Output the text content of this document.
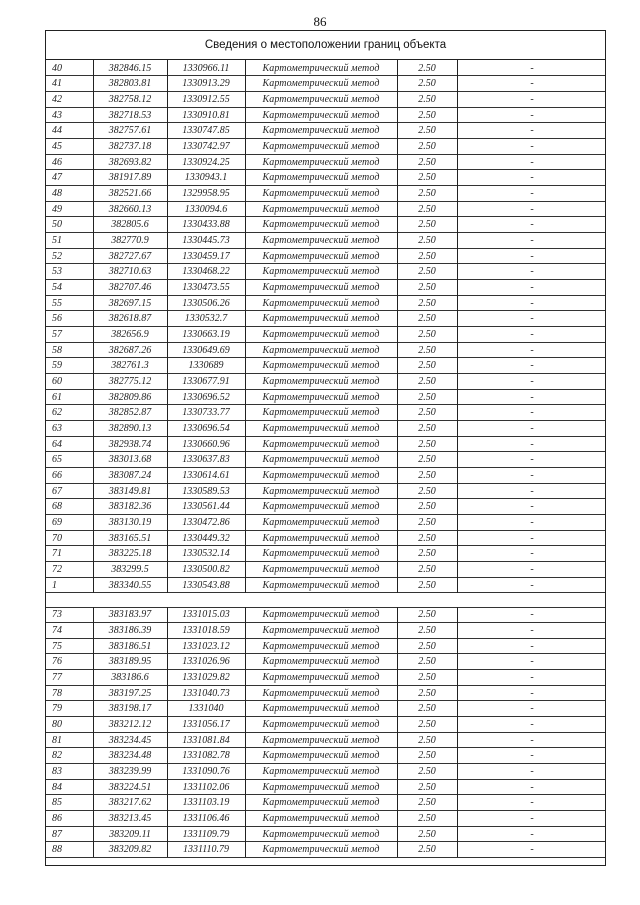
86
Сведения о местоположении границ объекта
40	382846.15	1330966.11	Картометрический метод	2.50	-
41	382803.81	1330913.29	Картометрический метод	2.50	-
42	382758.12	1330912.55	Картометрический метод	2.50	-
43	382718.53	1330910.81	Картометрический метод	2.50	-
44	382757.61	1330747.85	Картометрический метод	2.50	-
45	382737.18	1330742.97	Картометрический метод	2.50	-
46	382693.82	1330924.25	Картометрический метод	2.50	-
47	381917.89	1330943.1	Картометрический метод	2.50	-
48	382521.66	1329958.95	Картометрический метод	2.50	-
49	382660.13	1330094.6	Картометрический метод	2.50	-
50	382805.6	1330433.88	Картометрический метод	2.50	-
51	382770.9	1330445.73	Картометрический метод	2.50	-
52	382727.67	1330459.17	Картометрический метод	2.50	-
53	382710.63	1330468.22	Картометрический метод	2.50	-
54	382707.46	1330473.55	Картометрический метод	2.50	-
55	382697.15	1330506.26	Картометрический метод	2.50	-
56	382618.87	1330532.7	Картометрический метод	2.50	-
57	382656.9	1330663.19	Картометрический метод	2.50	-
58	382687.26	1330649.69	Картометрический метод	2.50	-
59	382761.3	1330689	Картометрический метод	2.50	-
60	382775.12	1330677.91	Картометрический метод	2.50	-
61	382809.86	1330696.52	Картометрический метод	2.50	-
62	382852.87	1330733.77	Картометрический метод	2.50	-
63	382890.13	1330696.54	Картометрический метод	2.50	-
64	382938.74	1330660.96	Картометрический метод	2.50	-
65	383013.68	1330637.83	Картометрический метод	2.50	-
66	383087.24	1330614.61	Картометрический метод	2.50	-
67	383149.81	1330589.53	Картометрический метод	2.50	-
68	383182.36	1330561.44	Картометрический метод	2.50	-
69	383130.19	1330472.86	Картометрический метод	2.50	-
70	383165.51	1330449.32	Картометрический метод	2.50	-
71	383225.18	1330532.14	Картометрический метод	2.50	-
72	383299.5	1330500.82	Картометрический метод	2.50	-
1	383340.55	1330543.88	Картометрический метод	2.50	-
73	383183.97	1331015.03	Картометрический метод	2.50	-
74	383186.39	1331018.59	Картометрический метод	2.50	-
75	383186.51	1331023.12	Картометрический метод	2.50	-
76	383189.95	1331026.96	Картометрический метод	2.50	-
77	383186.6	1331029.82	Картометрический метод	2.50	-
78	383197.25	1331040.73	Картометрический метод	2.50	-
79	383198.17	1331040	Картометрический метод	2.50	-
80	383212.12	1331056.17	Картометрический метод	2.50	-
81	383234.45	1331081.84	Картометрический метод	2.50	-
82	383234.48	1331082.78	Картометрический метод	2.50	-
83	383239.99	1331090.76	Картометрический метод	2.50	-
84	383224.51	1331102.06	Картометрический метод	2.50	-
85	383217.62	1331103.19	Картометрический метод	2.50	-
86	383213.45	1331106.46	Картометрический метод	2.50	-
87	383209.11	1331109.79	Картометрический метод	2.50	-
88	383209.82	1331110.79	Картометрический метод	2.50	-
